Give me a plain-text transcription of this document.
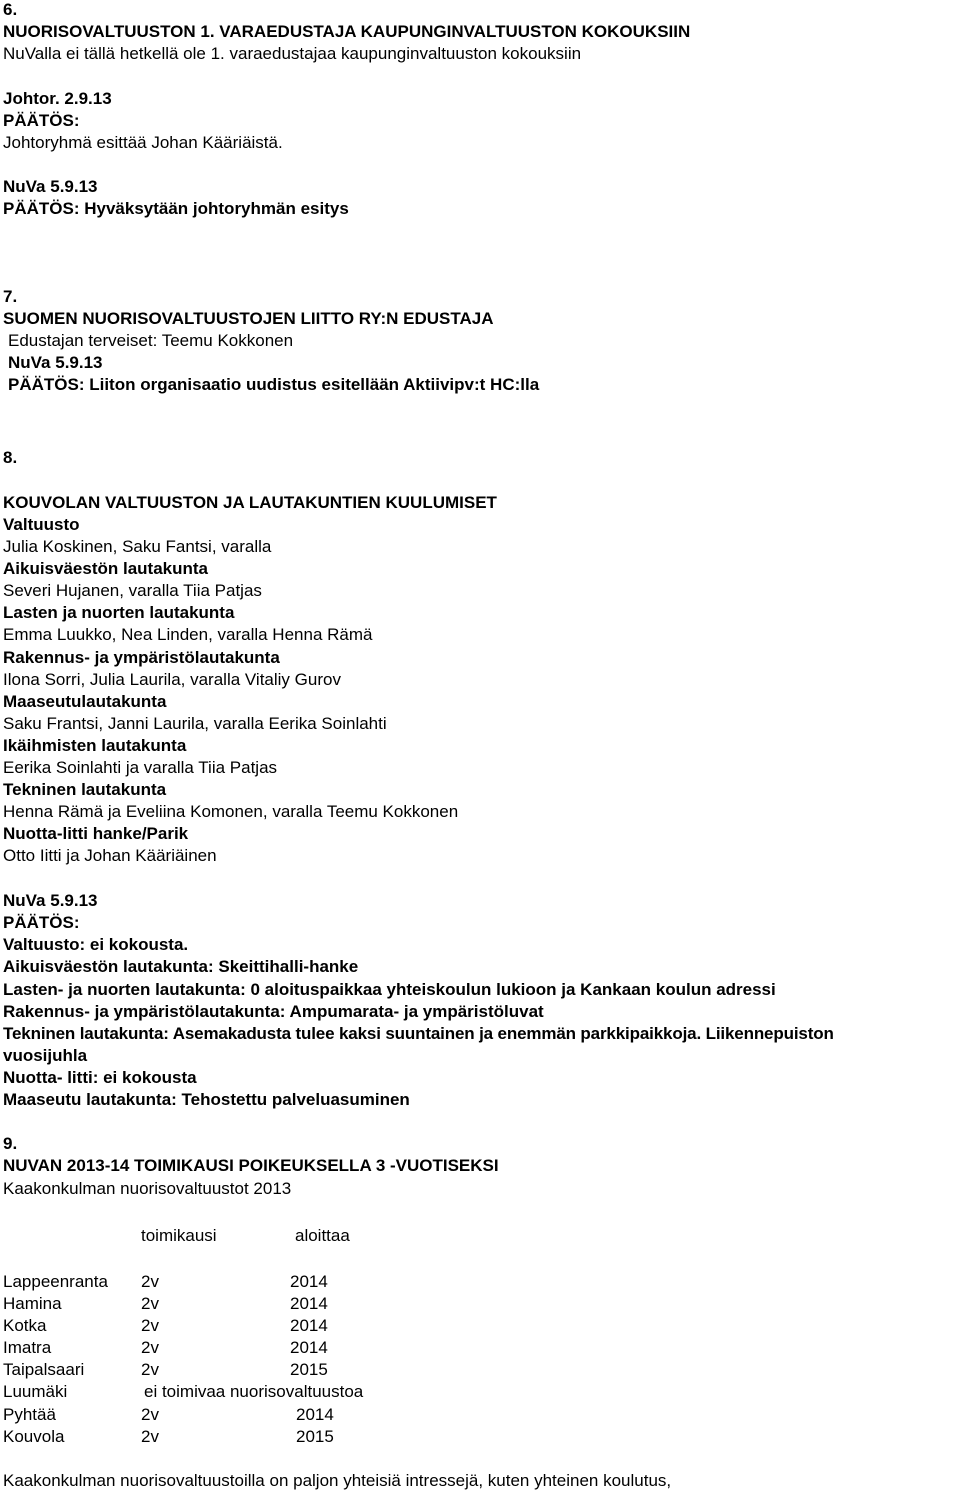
6.
NUORISOVALTUUSTON 1. VARAEDUSTAJA KAUPUNGINVALTUUSTON KOKOUKSIIN
NuValla ei tällä hetkellä ole 1. varaedustajaa kaupunginvaltuuston kokouksiin
Johtor. 2.9.13
PÄÄTÖS:
Johtoryhmä esittää Johan Kääriäistä.
NuVa 5.9.13
PÄÄTÖS: Hyväksytään johtoryhmän esitys
7.
SUOMEN NUORISOVALTUUSTOJEN LIITTO RY:N EDUSTAJA
Edustajan terveiset: Teemu Kokkonen
NuVa 5.9.13
PÄÄTÖS: Liiton organisaatio uudistus esitellään Aktiivipv:t HC:lla
8.
KOUVOLAN VALTUUSTON JA LAUTAKUNTIEN KUULUMISET
Valtuusto
Julia Koskinen, Saku Fantsi, varalla
Aikuisväestön lautakunta
Severi Hujanen, varalla Tiia Patjas
Lasten ja nuorten lautakunta
Emma Luukko, Nea Linden, varalla Henna Rämä
Rakennus- ja ympäristölautakunta
Ilona Sorri, Julia Laurila, varalla Vitaliy Gurov
Maaseutulautakunta
Saku Frantsi, Janni Laurila, varalla Eerika Soinlahti
Ikäihmisten lautakunta
Eerika Soinlahti ja varalla Tiia Patjas
Tekninen lautakunta
Henna Rämä ja Eveliina Komonen, varalla Teemu Kokkonen
Nuotta-litti hanke/Parik
Otto Iitti ja Johan Kääriäinen
NuVa 5.9.13
PÄÄTÖS:
Valtuusto: ei kokousta.
Aikuisväestön lautakunta: Skeittihalli-hanke
Lasten- ja nuorten lautakunta: 0 aloituspaikkaa yhteiskoulun lukioon ja Kankaan koulun adressi
Rakennus- ja ympäristölautakunta: Ampumarata- ja ympäristöluvat
Tekninen lautakunta: Asemakadusta tulee kaksi suuntainen ja enemmän parkkipaikkoja. Liikennepuiston
vuosijuhla
Nuotta- litti: ei kokousta
Maaseutu lautakunta: Tehostettu palveluasuminen
9.
NUVAN 2013-14 TOIMIKAUSI POIKEUKSELLA 3 -VUOTISEKSI
Kaakonkulman nuorisovaltuustot 2013
toimikausi	aloittaa
Lappeenranta 2v	2014
Hamina	2v	2014
Kotka	2v	2014
Imatra	2v	2014
Taipalsaari	2v	2015
Luumäki	ei toimivaa nuorisovaltuustoa
Pyhtää	2v	2014
Kouvola	2v	2015
Kaakonkulman nuorisovaltuustoilla on paljon yhteisiä intressejä, kuten yhteinen koulutus,
